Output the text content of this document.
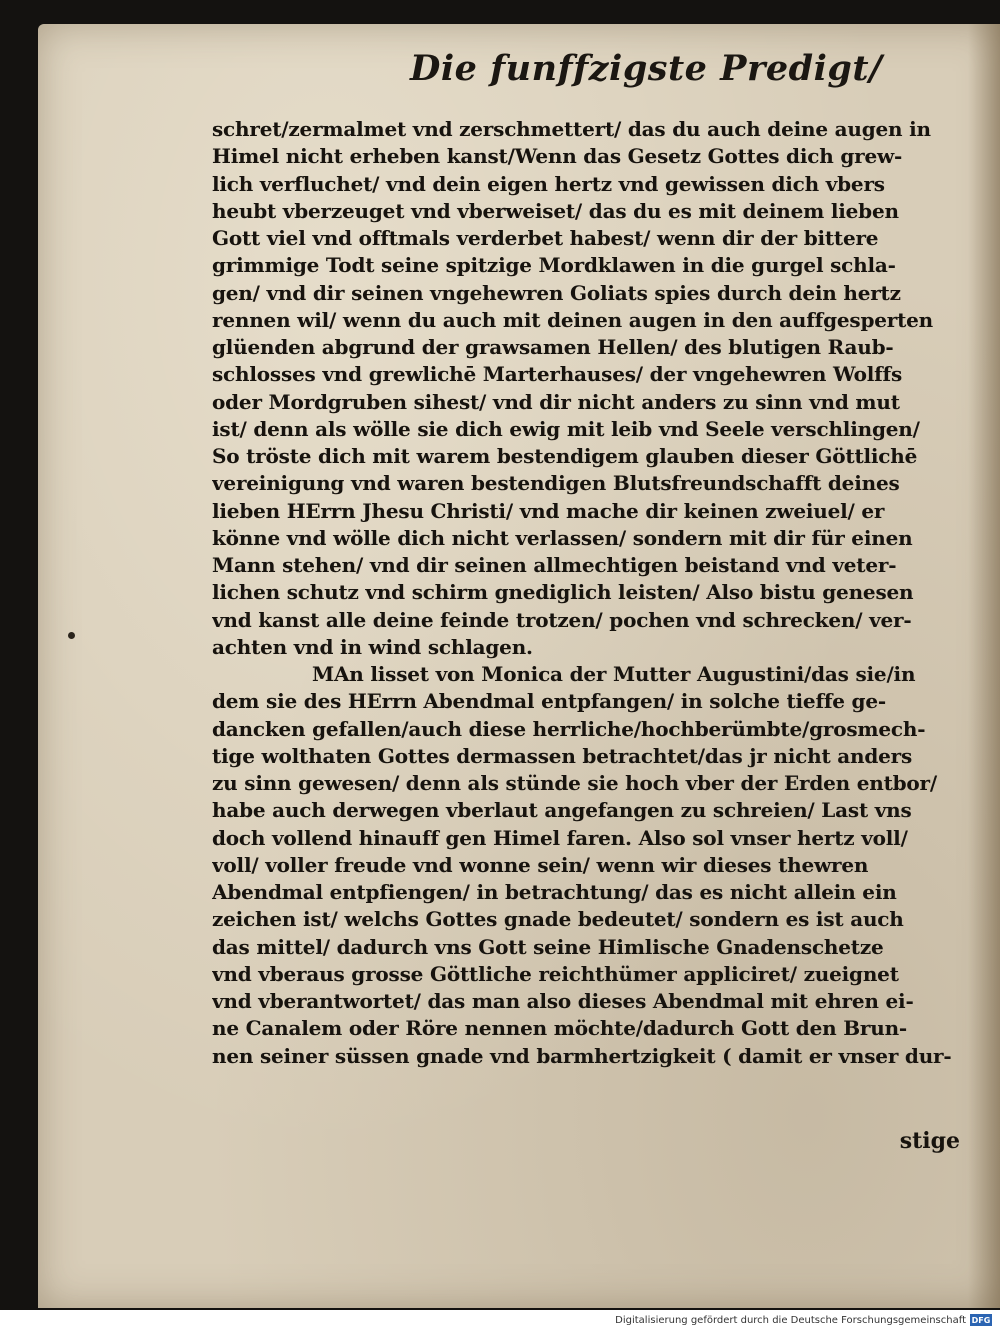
Die funffzigste Predigt/
schret/zermalmet vnd zerschmettert/ das du auch deine augen in
Himel nicht erheben kanst/Wenn das Gesetz Gottes dich grew-
lich verfluchet/ vnd dein eigen hertz vnd gewissen dich vbers
heubt vberzeuget vnd vberweiset/ das du es mit deinem lieben
Gott viel vnd offtmals verderbet habest/ wenn dir der bittere
grimmige Todt seine spitzige Mordklawen in die gurgel schla-
gen/ vnd dir seinen vngehewren Goliats spies durch dein hertz
rennen wil/ wenn du auch mit deinen augen in den auffgesperten
glüenden abgrund der grawsamen Hellen/ des blutigen Raub-
schlosses vnd grewlichē Marterhauses/ der vngehewren Wolffs
oder Mordgruben sihest/ vnd dir nicht anders zu sinn vnd mut
ist/ denn als wölle sie dich ewig mit leib vnd Seele verschlingen/
So tröste dich mit warem bestendigem glauben dieser Göttlichē
vereinigung vnd waren bestendigen Blutsfreundschafft deines
lieben HErrn Jhesu Christi/ vnd mache dir keinen zweiuel/ er
könne vnd wölle dich nicht verlassen/ sondern mit dir für einen
Mann stehen/ vnd dir seinen allmechtigen beistand vnd veter-
lichen schutz vnd schirm gnediglich leisten/ Also bistu genesen
vnd kanst alle deine feinde trotzen/ pochen vnd schrecken/ ver-
achten vnd in wind schlagen.
MAn lisset von Monica der Mutter Augustini/das sie/in
dem sie des HErrn Abendmal entpfangen/ in solche tieffe ge-
dancken gefallen/auch diese herrliche/hochberümbte/grosmech-
tige wolthaten Gottes dermassen betrachtet/das jr nicht anders
zu sinn gewesen/ denn als stünde sie hoch vber der Erden entbor/
habe auch derwegen vberlaut angefangen zu schreien/ Last vns
doch vollend hinauff gen Himel faren. Also sol vnser hertz voll/
voll/ voller freude vnd wonne sein/ wenn wir dieses thewren
Abendmal entpfiengen/ in betrachtung/ das es nicht allein ein
zeichen ist/ welchs Gottes gnade bedeutet/ sondern es ist auch
das mittel/ dadurch vns Gott seine Himlische Gnadenschetze
vnd vberaus grosse Göttliche reichthümer appliciret/ zueignet
vnd vberantwortet/ das man also dieses Abendmal mit ehren ei-
ne Canalem oder Röre nennen möchte/dadurch Gott den Brun-
nen seiner süssen gnade vnd barmhertzigkeit ( damit er vnser dur-
stige
Digitalisierung gefördert durch die Deutsche Forschungsgemeinschaft DFG
